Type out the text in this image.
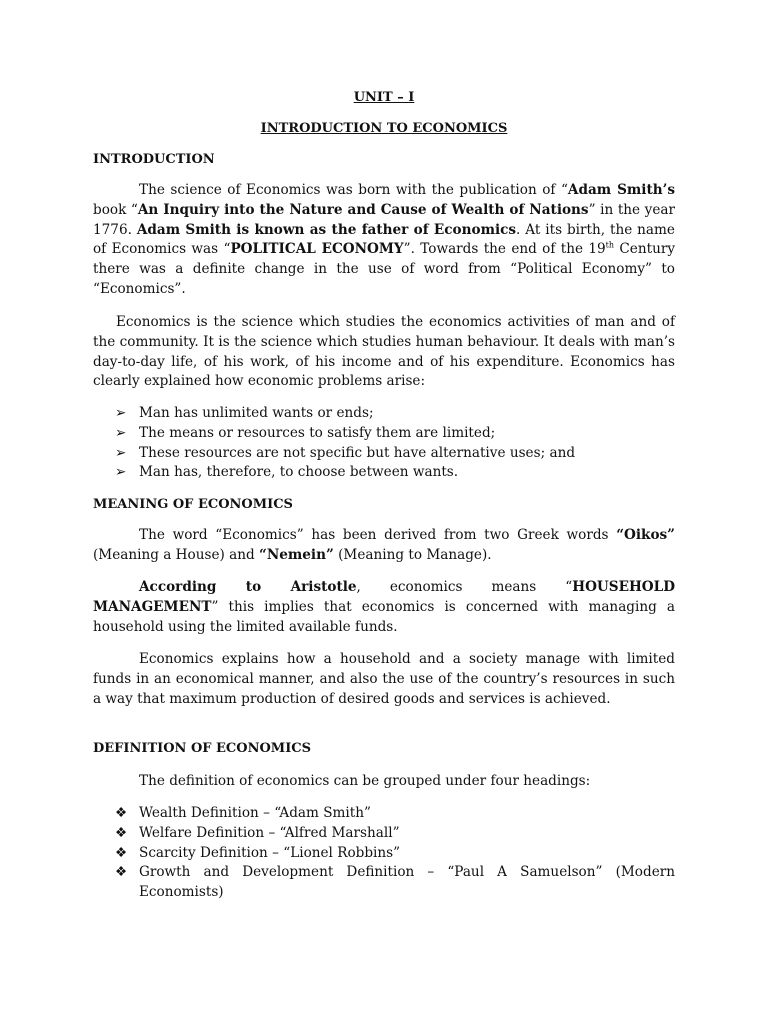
UNIT – I
INTRODUCTION TO ECONOMICS
INTRODUCTION

The science of Economics was born with the publication of “Adam Smith’s book “An Inquiry into the Nature and Cause of Wealth of Nations” in the year 1776. Adam Smith is known as the father of Economics. At its birth, the name of Economics was “POLITICAL ECONOMY”. Towards the end of the 19th Century there was a definite change in the use of word from “Political Economy” to “Economics”.

Economics is the science which studies the economics activities of man and of the community. It is the science which studies human behaviour. It deals with man’s day-to-day life, of his work, of his income and of his expenditure. Economics has clearly explained how economic problems arise:

➢ Man has unlimited wants or ends;
➢ The means or resources to satisfy them are limited;
➢ These resources are not specific but have alternative uses; and
➢ Man has, therefore, to choose between wants.
MEANING OF ECONOMICS

The word “Economics” has been derived from two Greek words “Oikos” (Meaning a House) and “Nemein” (Meaning to Manage).

According to Aristotle, economics means “HOUSEHOLD MANAGEMENT” this implies that economics is concerned with managing a household using the limited available funds.

Economics explains how a household and a society manage with limited funds in an economical manner, and also the use of the country’s resources in such a way that maximum production of desired goods and services is achieved.

DEFINITION OF ECONOMICS

The definition of economics can be grouped under four headings:

❖ Wealth Definition – “Adam Smith”
❖ Welfare Definition – “Alfred Marshall”
❖ Scarcity Definition – “Lionel Robbins”
❖ Growth and Development Definition – “Paul A Samuelson” (Modern Economists)
